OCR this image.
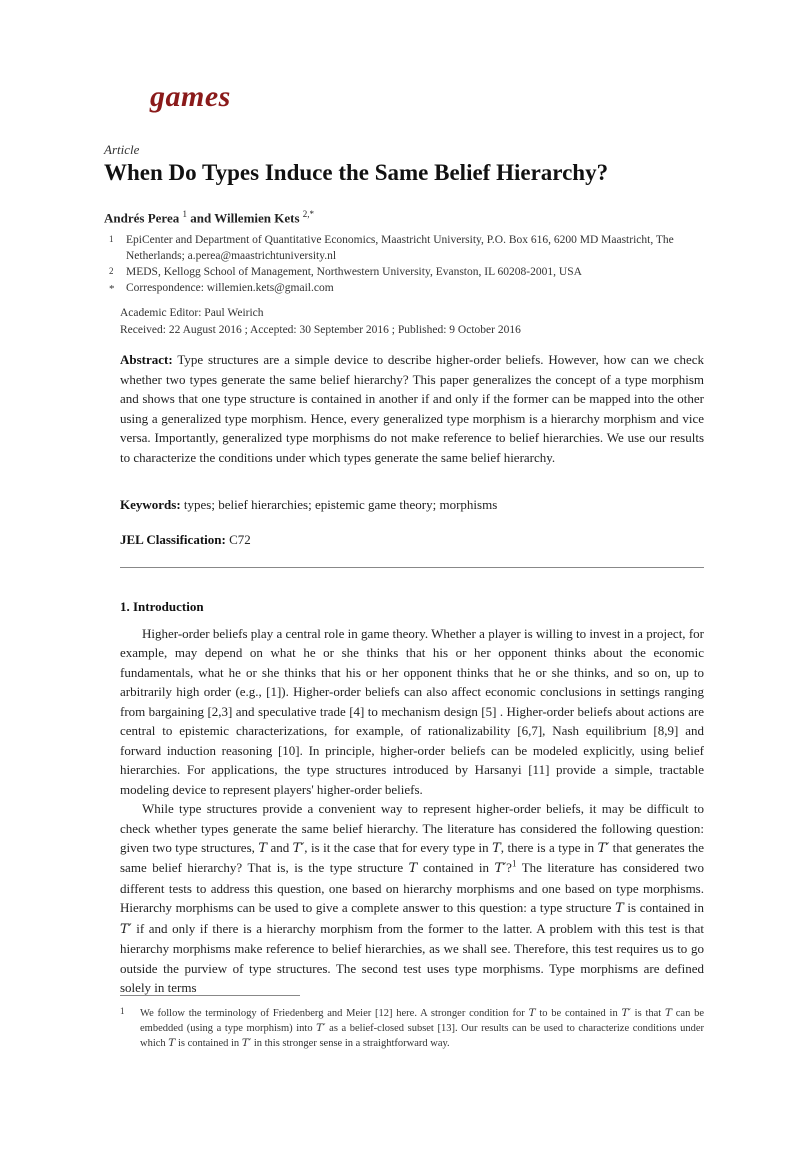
games
Article
When Do Types Induce the Same Belief Hierarchy?
Andrés Perea $^1$ and Willemien Kets $^{2,*}$
1 EpiCenter and Department of Quantitative Economics, Maastricht University, P.O. Box 616, 6200 MD Maastricht, The Netherlands; a.perea@maastrichtuniversity.nl
2 MEDS, Kellogg School of Management, Northwestern University, Evanston, IL 60208-2001, USA
* Correspondence: willemien.kets@gmail.com
Academic Editor: Paul Weirich
Received: 22 August 2016 ; Accepted: 30 September 2016 ; Published: 9 October 2016
Abstract: Type structures are a simple device to describe higher-order beliefs. However, how can we check whether two types generate the same belief hierarchy? This paper generalizes the concept of a type morphism and shows that one type structure is contained in another if and only if the former can be mapped into the other using a generalized type morphism. Hence, every generalized type morphism is a hierarchy morphism and vice versa. Importantly, generalized type morphisms do not make reference to belief hierarchies. We use our results to characterize the conditions under which types generate the same belief hierarchy.
Keywords: types; belief hierarchies; epistemic game theory; morphisms
JEL Classification: C72
1. Introduction

Higher-order beliefs play a central role in game theory. Whether a player is willing to invest in a project, for example, may depend on what he or she thinks that his or her opponent thinks about the economic fundamentals, what he or she thinks that his or her opponent thinks that he or she thinks, and so on, up to arbitrarily high order (e.g., [1]). Higher-order beliefs can also affect economic conclusions in settings ranging from bargaining [2,3] and speculative trade [4] to mechanism design [5] . Higher-order beliefs about actions are central to epistemic characterizations, for example, of rationalizability [6,7], Nash equilibrium [8,9] and forward induction reasoning [10]. In principle, higher-order beliefs can be modeled explicitly, using belief hierarchies. For applications, the type structures introduced by Harsanyi [11] provide a simple, tractable modeling device to represent players' higher-order beliefs.

While type structures provide a convenient way to represent higher-order beliefs, it may be difficult to check whether types generate the same belief hierarchy. The literature has considered the following question: given two type structures, T and T′, is it the case that for every type in T, there is a type in T′ that generates the same belief hierarchy? That is, is the type structure T contained in T′?$^1$ The literature has considered two different tests to address this question, one based on hierarchy morphisms and one based on type morphisms. Hierarchy morphisms can be used to give a complete answer to this question: a type structure T is contained in T′ if and only if there is a hierarchy morphism from the former to the latter. A problem with this test is that hierarchy morphisms make reference to belief hierarchies, as we shall see. Therefore, this test requires us to go outside the purview of type structures. The second test uses type morphisms. Type morphisms are defined solely in terms

1 We follow the terminology of Friedenberg and Meier [12] here. A stronger condition for T to be contained in T′ is that T can be embedded (using a type morphism) into T′ as a belief-closed subset [13]. Our results can be used to characterize conditions under which T is contained in T′ in this stronger sense in a straightforward way.
